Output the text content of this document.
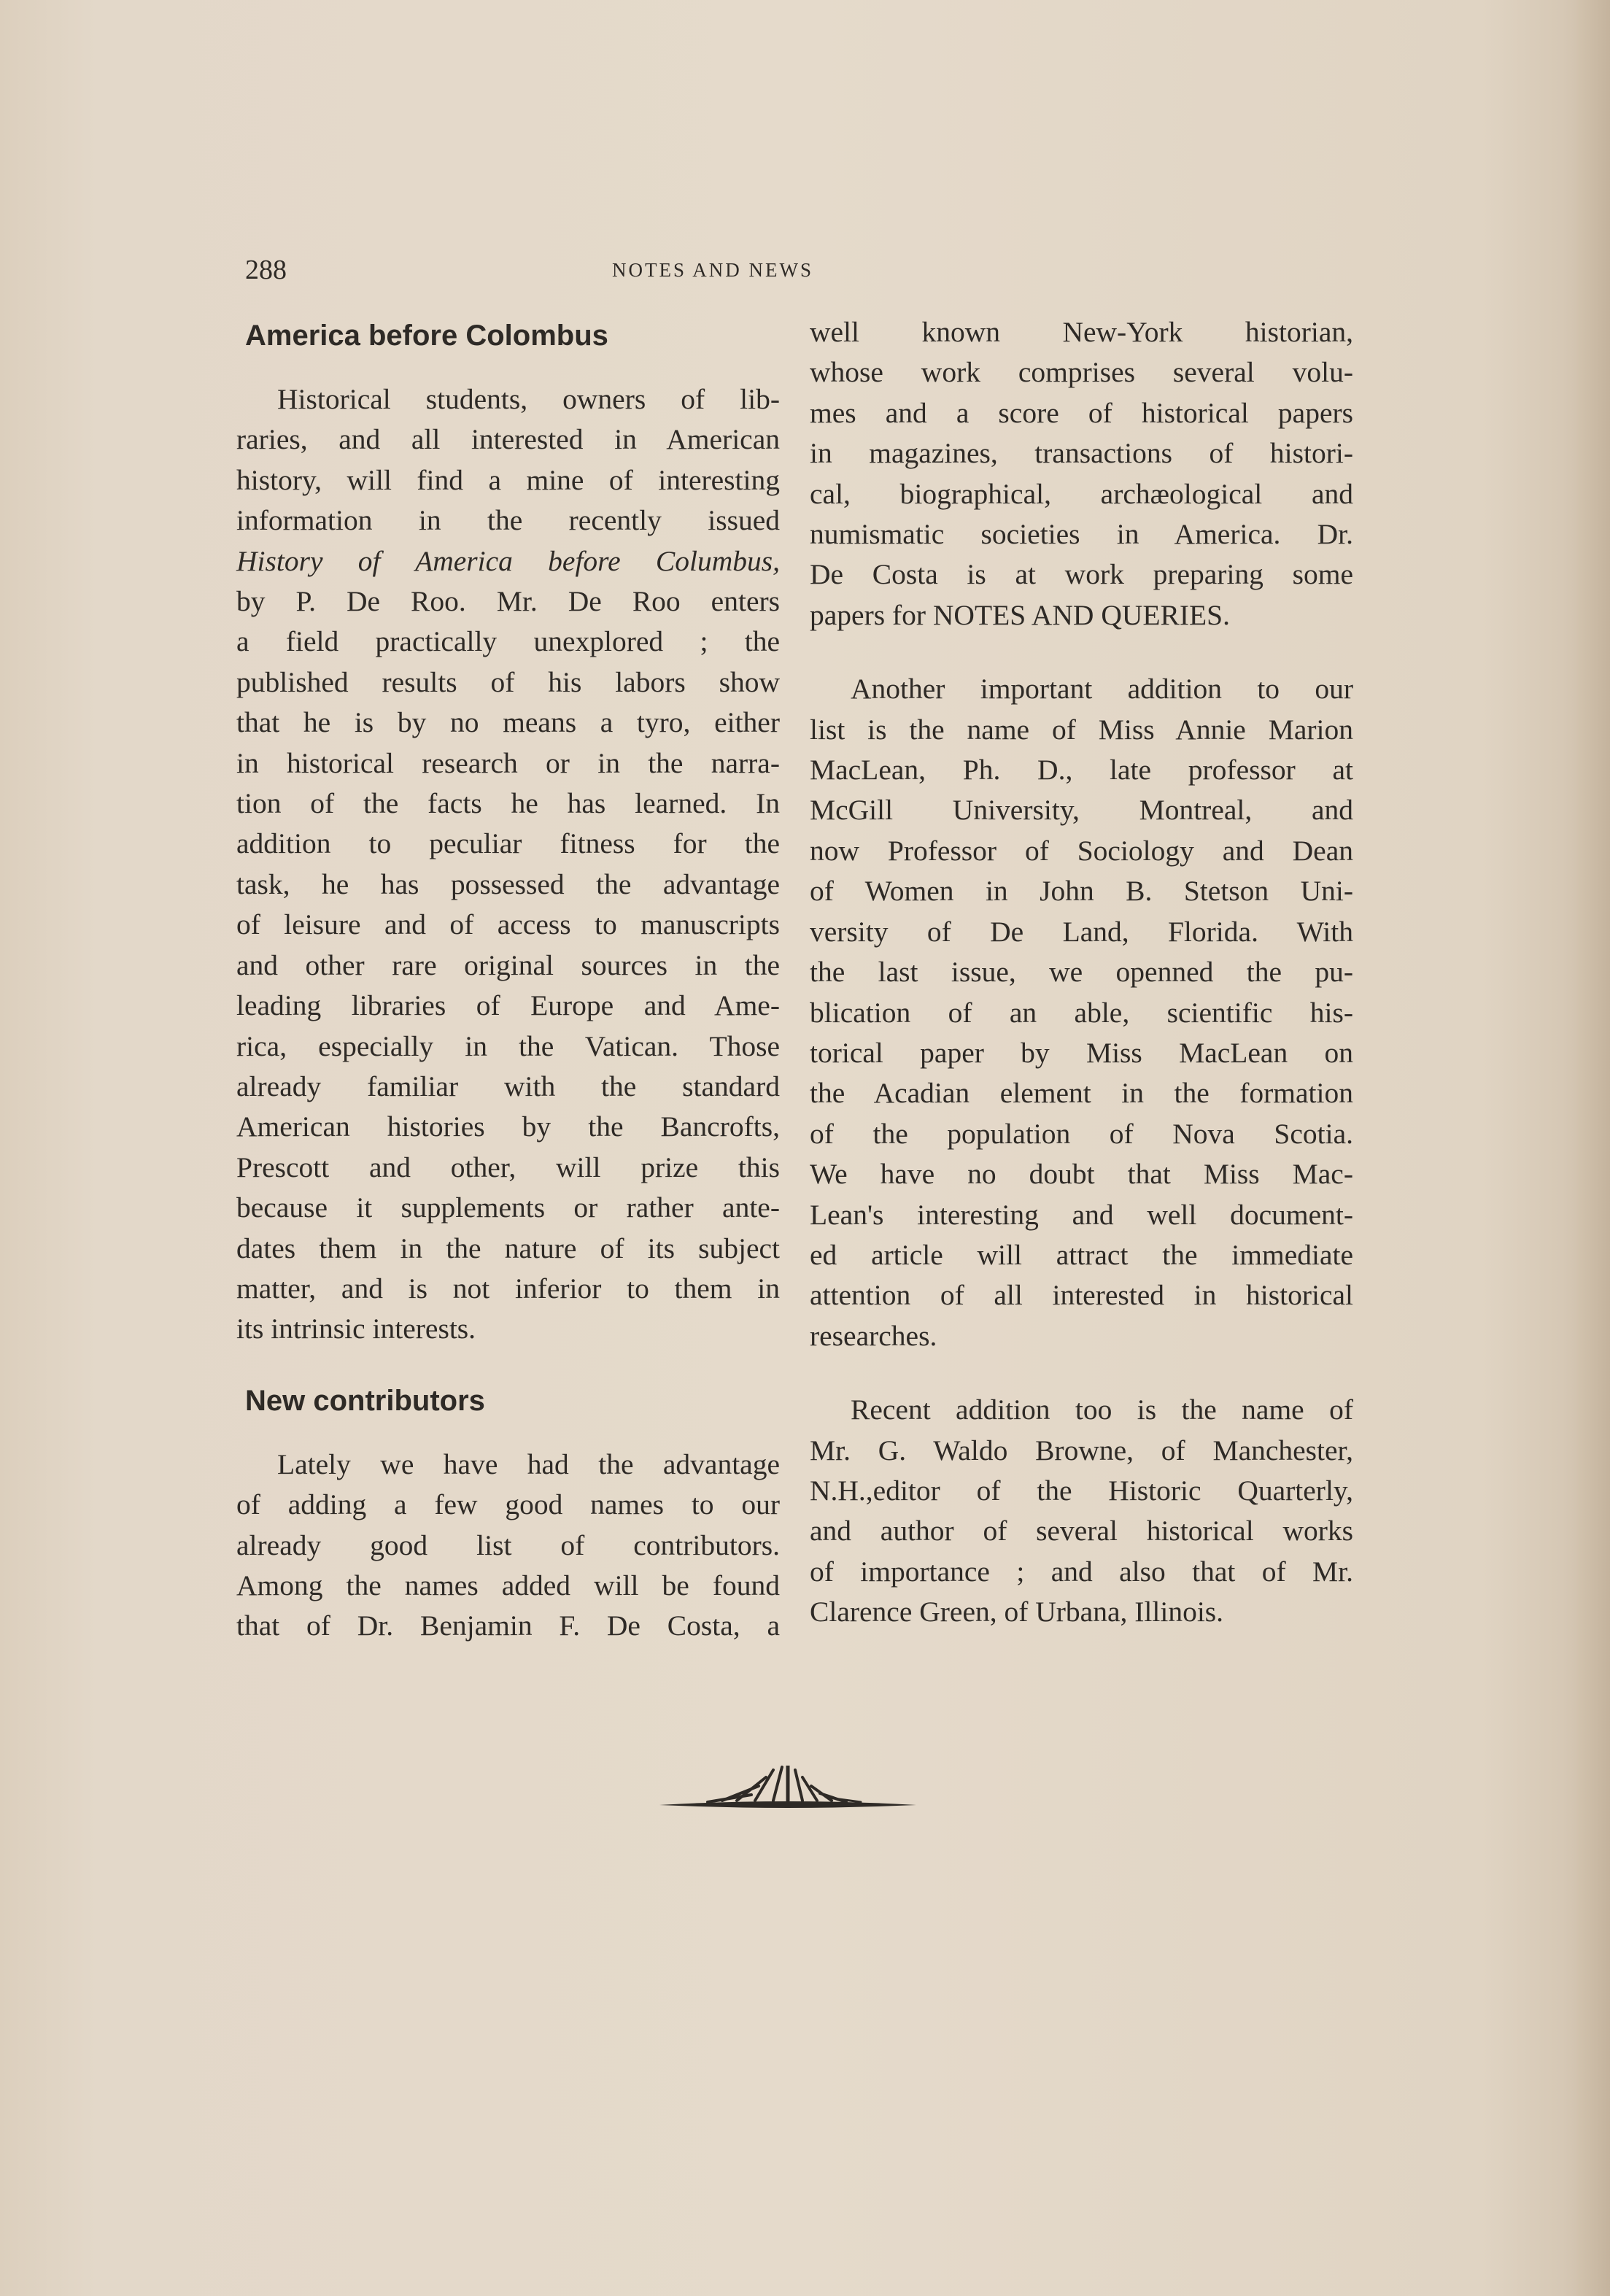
288	NOTES AND NEWS
America before Colombus

Historical students, owners of lib-
raries, and all interested in American
history, will find a mine of interesting
information in the recently issued
History of America before Columbus,
by P. De Roo. Mr. De Roo enters
a field practically unexplored ; the
published results of his labors show
that he is by no means a tyro, either
in historical research or in the narra-
tion of the facts he has learned. In
addition to peculiar fitness for the
task, he has possessed the advantage
of leisure and of access to manuscripts
and other rare original sources in the
leading libraries of Europe and Ame-
rica, especially in the Vatican. Those
already familiar with the standard
American histories by the Bancrofts,
Prescott and other, will prize this
because it supplements or rather ante-
dates them in the nature of its subject
matter, and is not inferior to them in
its intrinsic interests.

New contributors

Lately we have had the advantage
of adding a few good names to our
already good list of contributors.
Among the names added will be found
that of Dr. Benjamin F. De Costa, a

well known New-York historian,
whose work comprises several volu-
mes and a score of historical papers
in magazines, transactions of histori-
cal, biographical, archæological and
numismatic societies in America. Dr.
De Costa is at work preparing some
papers for NOTES AND QUERIES.

Another important addition to our
list is the name of Miss Annie Marion
MacLean, Ph. D., late professor at
McGill University, Montreal, and
now Professor of Sociology and Dean
of Women in John B. Stetson Uni-
versity of De Land, Florida. With
the last issue, we openned the pu-
blication of an able, scientific his-
torical paper by Miss MacLean on
the Acadian element in the formation
of the population of Nova Scotia.
We have no doubt that Miss Mac-
Lean's interesting and well document-
ed article will attract the immediate
attention of all interested in historical
researches.

Recent addition too is the name of
Mr. G. Waldo Browne, of Manchester,
N.H.,editor of the Historic Quarterly,
and author of several historical works
of importance ; and also that of Mr.
Clarence Green, of Urbana, Illinois.
